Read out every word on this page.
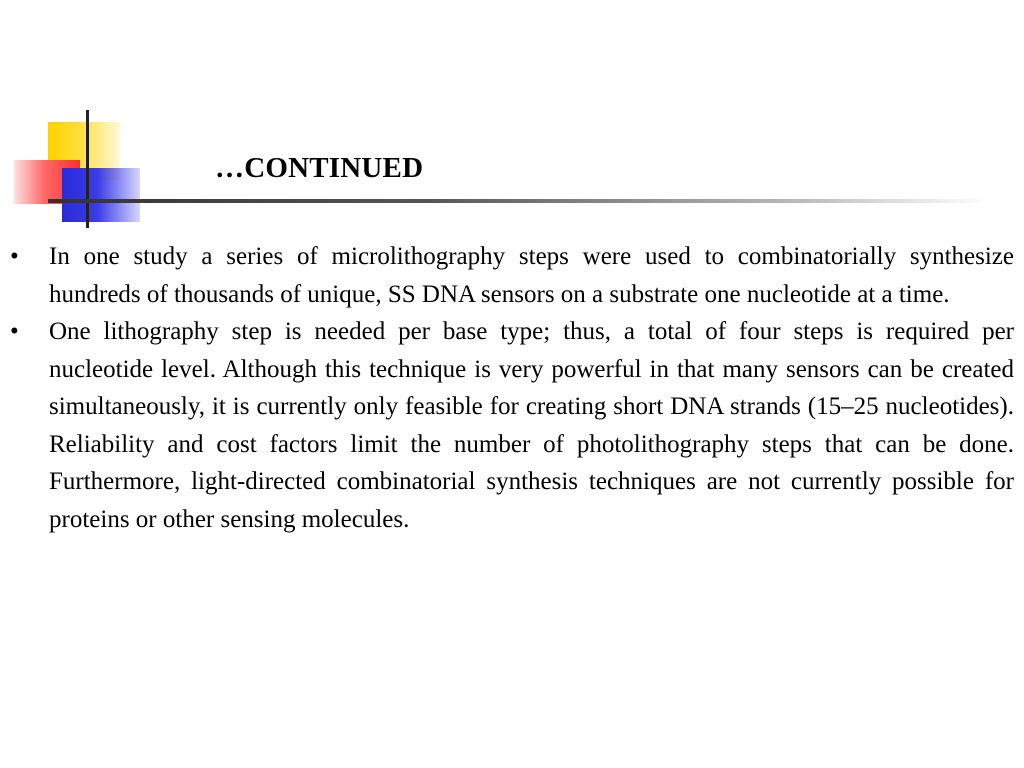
…CONTINUED
•	In one study a series of microlithography steps were used to combinatorially synthesize hundreds of thousands of unique, SS DNA sensors on a substrate one nucleotide at a time.
•	One lithography step is needed per base type; thus, a total of four steps is required per nucleotide level. Although this technique is very powerful in that many sensors can be created simultaneously, it is currently only feasible for creating short DNA strands (15–25 nucleotides). Reliability and cost factors limit the number of photolithography steps that can be done. Furthermore, light-directed combinatorial synthesis techniques are not currently possible for proteins or other sensing molecules.
